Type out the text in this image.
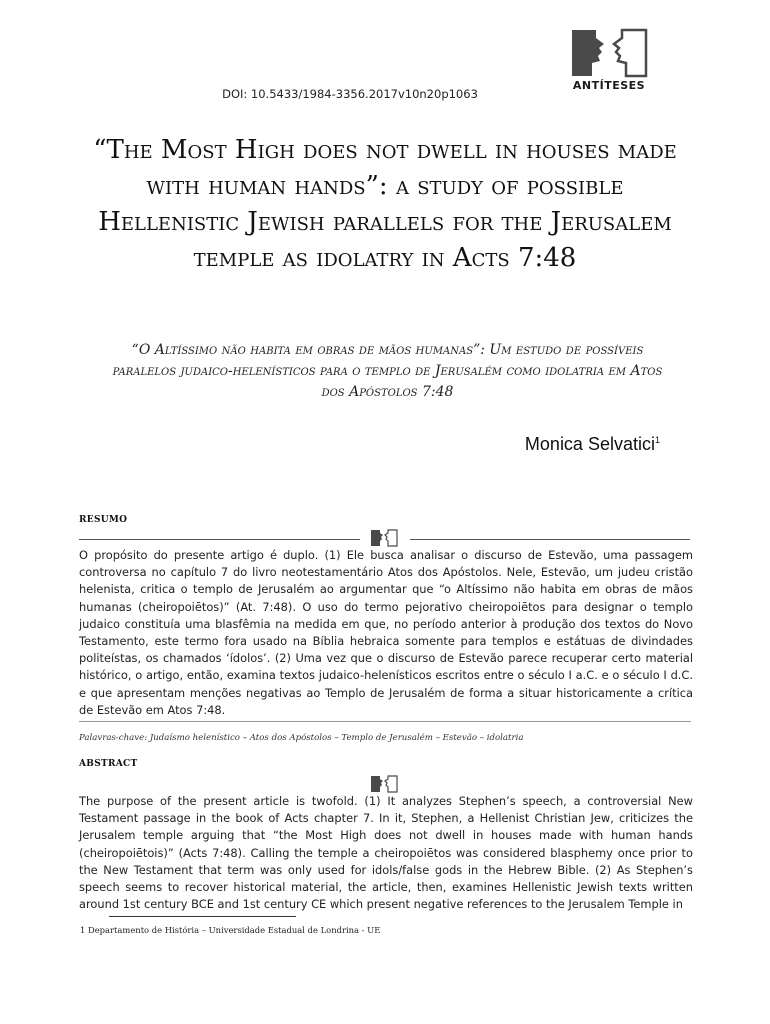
ANTÍTESES
DOI: 10.5433/1984-3356.2017v10n20p1063
“The Most High does not dwell in houses made with human hands”: a study of possible Hellenistic Jewish parallels for the Jerusalem temple as idolatry in Acts 7:48
“O Altíssimo não habita em obras de mãos humanas”: Um estudo de possíveis paralelos judaico-helenísticos para o templo de Jerusalém como idolatria em Atos dos Apóstolos 7:48
Monica Selvatici$^1$
RESUMO
O propósito do presente artigo é duplo. (1) Ele busca analisar o discurso de Estevão, uma passagem controversa no capítulo 7 do livro neotestamentário Atos dos Apóstolos. Nele, Estevão, um judeu cristão helenista, critica o templo de Jerusalém ao argumentar que “o Altíssimo não habita em obras de mãos humanas (cheiropoiētos)” (At. 7:48). O uso do termo pejorativo cheiropoiētos para designar o templo judaico constituía uma blasfêmia na medida em que, no período anterior à produção dos textos do Novo Testamento, este termo fora usado na Bíblia hebraica somente para templos e estátuas de divindades politeístas, os chamados ‘ídolos’. (2) Uma vez que o discurso de Estevão parece recuperar certo material histórico, o artigo, então, examina textos judaico-helenísticos escritos entre o século I a.C. e o século I d.C. e que apresentam menções negativas ao Templo de Jerusalém de forma a situar historicamente a crítica de Estevão em Atos 7:48.
Palavras-chave: Judaísmo helenístico – Atos dos Apóstolos – Templo de Jerusalém – Estevão – idolatria
ABSTRACT
The purpose of the present article is twofold. (1) It analyzes Stephen’s speech, a controversial New Testament passage in the book of Acts chapter 7. In it, Stephen, a Hellenist Christian Jew, criticizes the Jerusalem temple arguing that “the Most High does not dwell in houses made with human hands (cheiropoiētois)” (Acts 7:48). Calling the temple a cheiropoiētos was considered blasphemy once prior to the New Testament that term was only used for idols/false gods in the Hebrew Bible. (2) As Stephen’s speech seems to recover historical material, the article, then, examines Hellenistic Jewish texts written around 1st century BCE and 1st century CE which present negative references to the Jerusalem Temple in
1 Departamento de História – Universidade Estadual de Londrina - UE
